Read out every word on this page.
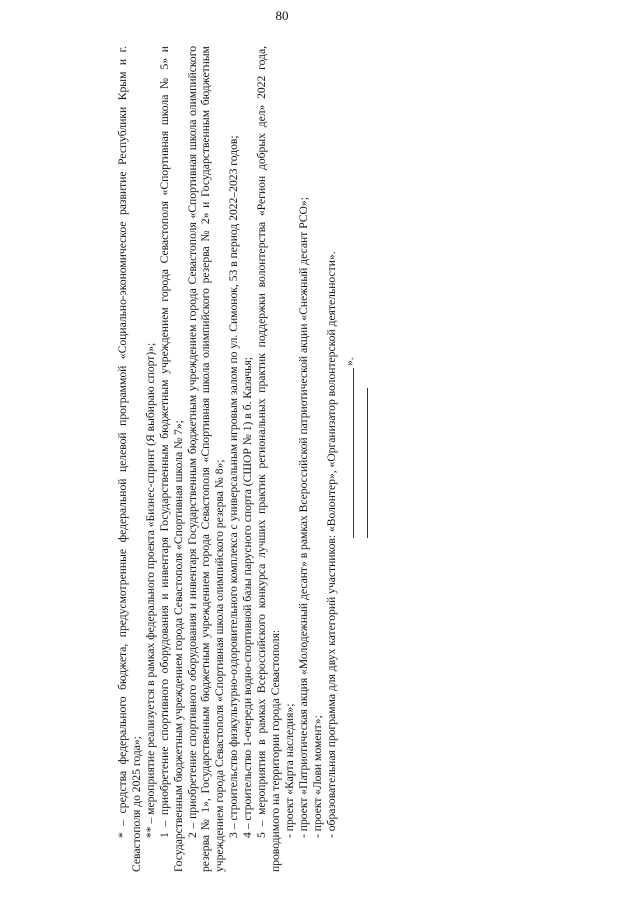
80

* – средства федерального бюджета, предусмотренные федеральной целевой программой «Социально-экономическое развитие Республики Крым и г. Севастополя до 2025 года»; ** – мероприятие реализуется в рамках федерального проекта «Бизнес-спринт (Я выбираю спорт)»; 1 – приобретение спортивного оборудования и инвентаря Государственным бюджетным учреждением города Севастополя «Спортивная школа № 5» и Государственным бюджетным учреждением города Севастополя «Спортивная школа № 7»; 2 – приобретение спортивного оборудования и инвентаря Государственным бюджетным учреждением города Севастополя «Спортивная школа олимпийского резерва № 1», Государственным бюджетным учреждением города Севастополя «Спортивная школа олимпийского резерва № 2» и Государственным бюджетным учреждением города Севастополя «Спортивная школа олимпийского резерва № 8»; 3 – строительство физкультурно-оздоровительного комплекса с универсальным игровым залом по ул. Симонок, 53 в период 2022–2023 годов; 4 – строительство 1-очереди водно-спортивной базы парусного спорта (СШОР № 1) в б. Казачья; 5 – мероприятия в рамках Всероссийского конкурса лучших практик региональных практик поддержки волонтерства «Регион добрых дел» 2022 года, проводимого на территории города Севастополя: - проект «Карта наследия»; - проект «Патриотическая акция «Молодежный десант» в рамках Всероссийской патриотической акции «Снежный десант РСО»; - проект «Лови момент»; - образовательная программа для двух категорий участников: «Волонтер», «Организатор волонтерской деятельности». ».
